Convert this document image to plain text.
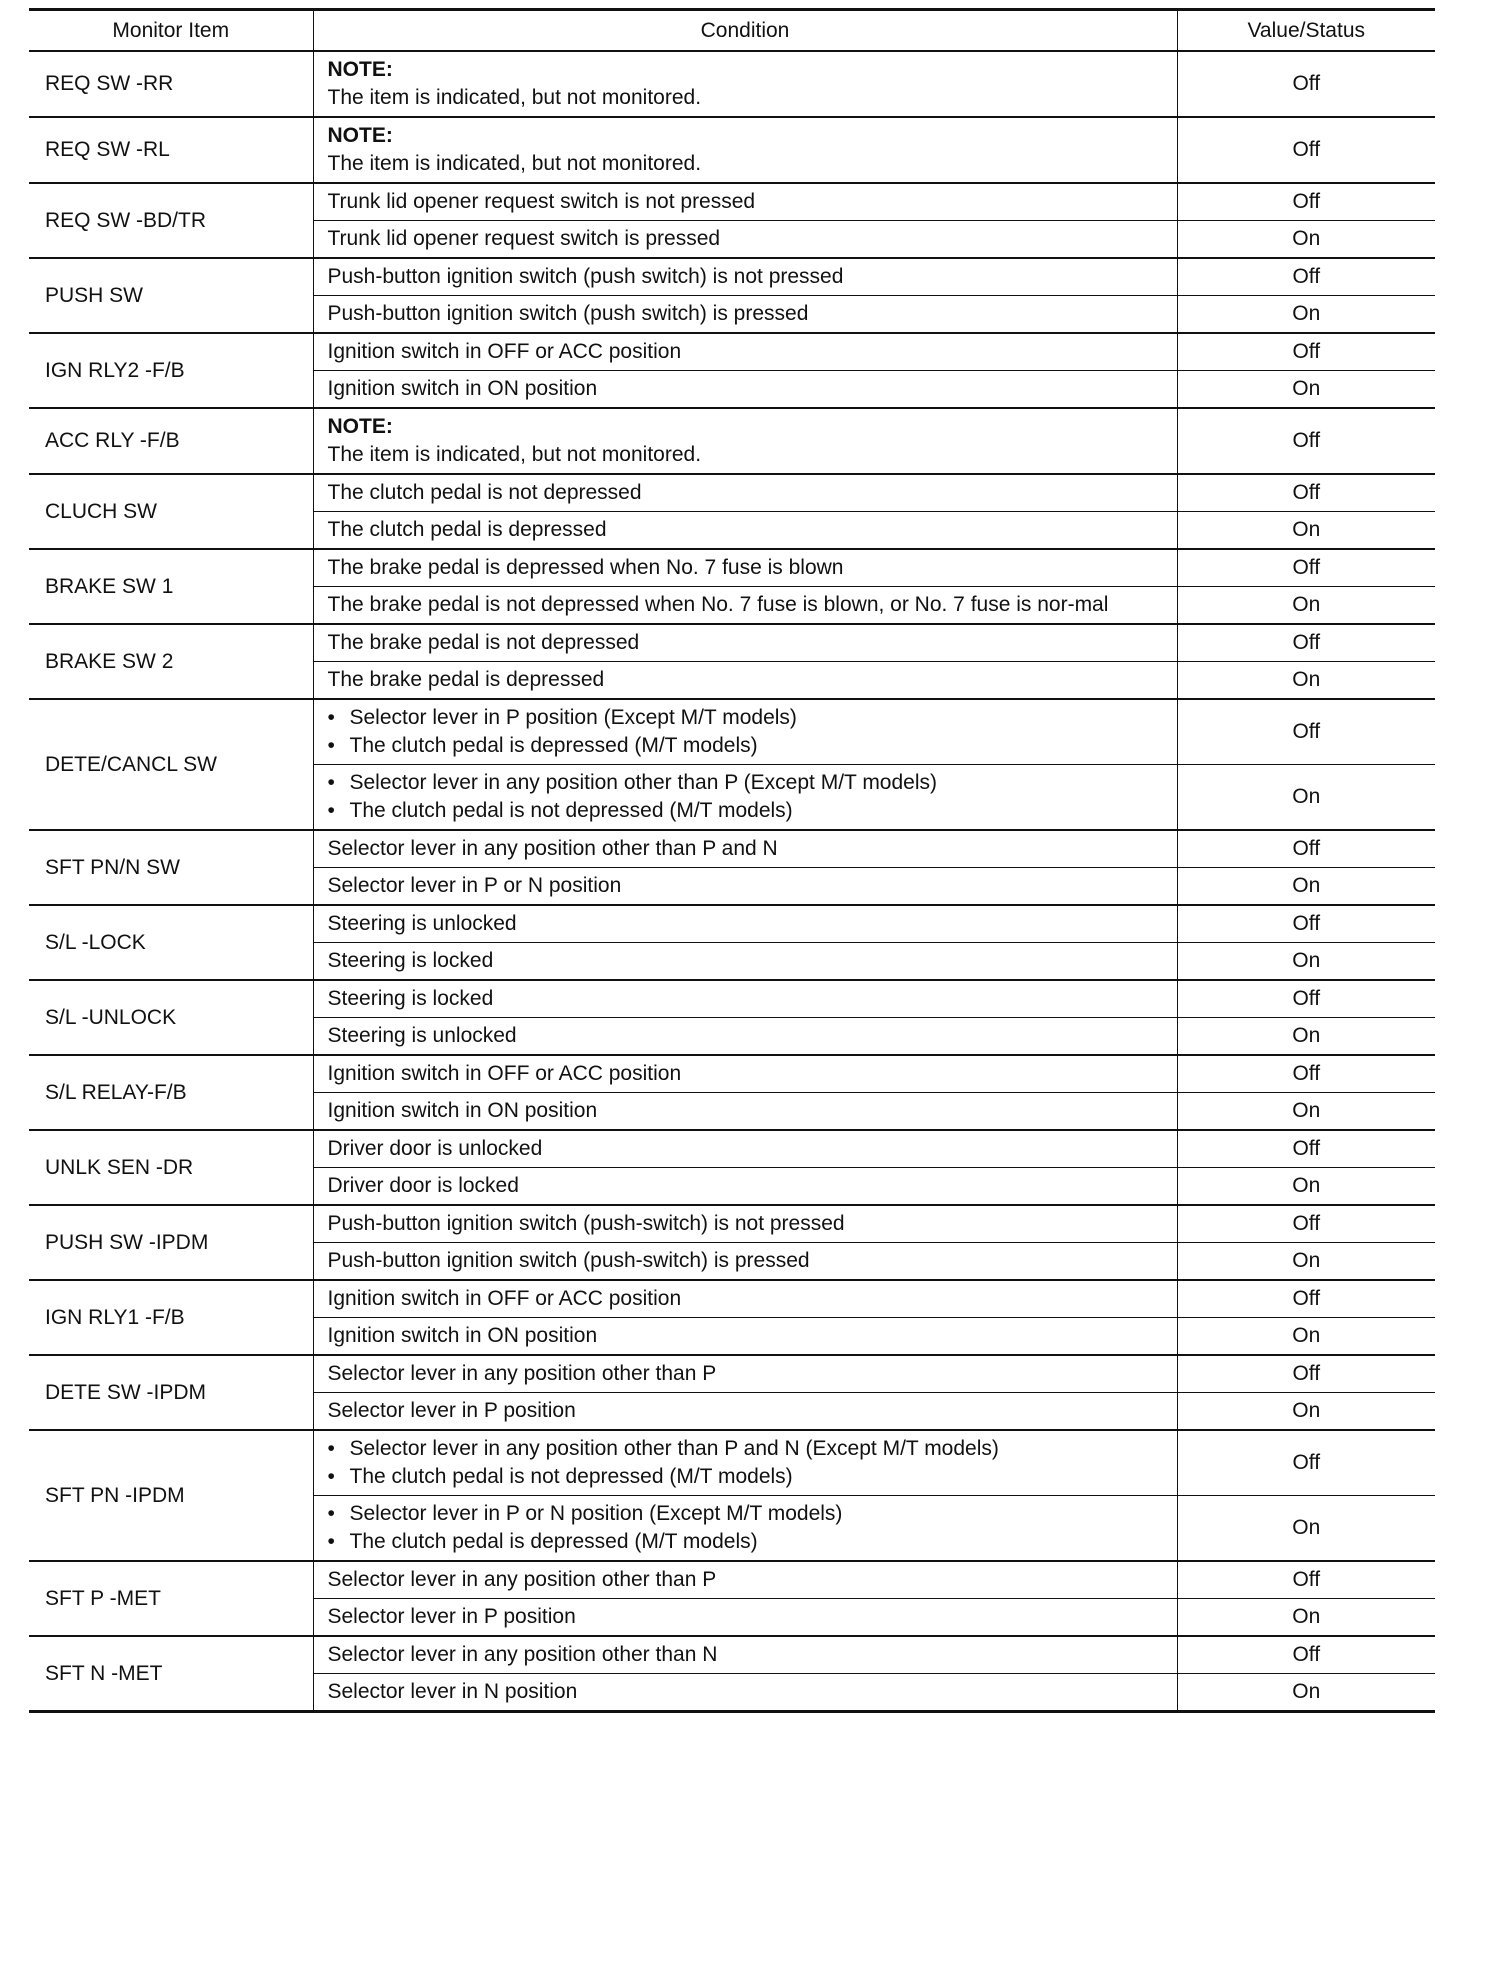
Monitor Item	Condition	Value/Status
REQ SW -RR	NOTE:
The item is indicated, but not monitored.	Off
REQ SW -RL	NOTE:
The item is indicated, but not monitored.	Off
REQ SW -BD/TR	Trunk lid opener request switch is not pressed	Off
	Trunk lid opener request switch is pressed	On
PUSH SW	Push-button ignition switch (push switch) is not pressed	Off
	Push-button ignition switch (push switch) is pressed	On
IGN RLY2 -F/B	Ignition switch in OFF or ACC position	Off
	Ignition switch in ON position	On
ACC RLY -F/B	NOTE:
The item is indicated, but not monitored.	Off
CLUCH SW	The clutch pedal is not depressed	Off
	The clutch pedal is depressed	On
BRAKE SW 1	The brake pedal is depressed when No. 7 fuse is blown	Off
	The brake pedal is not depressed when No. 7 fuse is blown, or No. 7 fuse is nor-mal	On
BRAKE SW 2	The brake pedal is not depressed	Off
	The brake pedal is depressed	On
DETE/CANCL SW	• Selector lever in P position (Except M/T models)
• The clutch pedal is depressed (M/T models)	Off

	• Selector lever in any position other than P (Except M/T models)
• The clutch pedal is not depressed (M/T models)	On
SFT PN/N SW	Selector lever in any position other than P and N	Off
	Selector lever in P or N position	On
S/L -LOCK	Steering is unlocked	Off
	Steering is locked	On
S/L -UNLOCK	Steering is locked	Off
	Steering is unlocked	On
S/L RELAY-F/B	Ignition switch in OFF or ACC position	Off
	Ignition switch in ON position	On
UNLK SEN -DR	Driver door is unlocked	Off
	Driver door is locked	On
PUSH SW -IPDM	Push-button ignition switch (push-switch) is not pressed	Off
	Push-button ignition switch (push-switch) is pressed	On
IGN RLY1 -F/B	Ignition switch in OFF or ACC position	Off
	Ignition switch in ON position	On
DETE SW -IPDM	Selector lever in any position other than P	Off
	Selector lever in P position	On
SFT PN -IPDM	• Selector lever in any position other than P and N (Except M/T models)
• The clutch pedal is not depressed (M/T models)	Off

	• Selector lever in P or N position (Except M/T models)
• The clutch pedal is depressed (M/T models)	On
SFT P -MET	Selector lever in any position other than P	Off
	Selector lever in P position	On
SFT N -MET	Selector lever in any position other than N	Off
	Selector lever in N position	On
